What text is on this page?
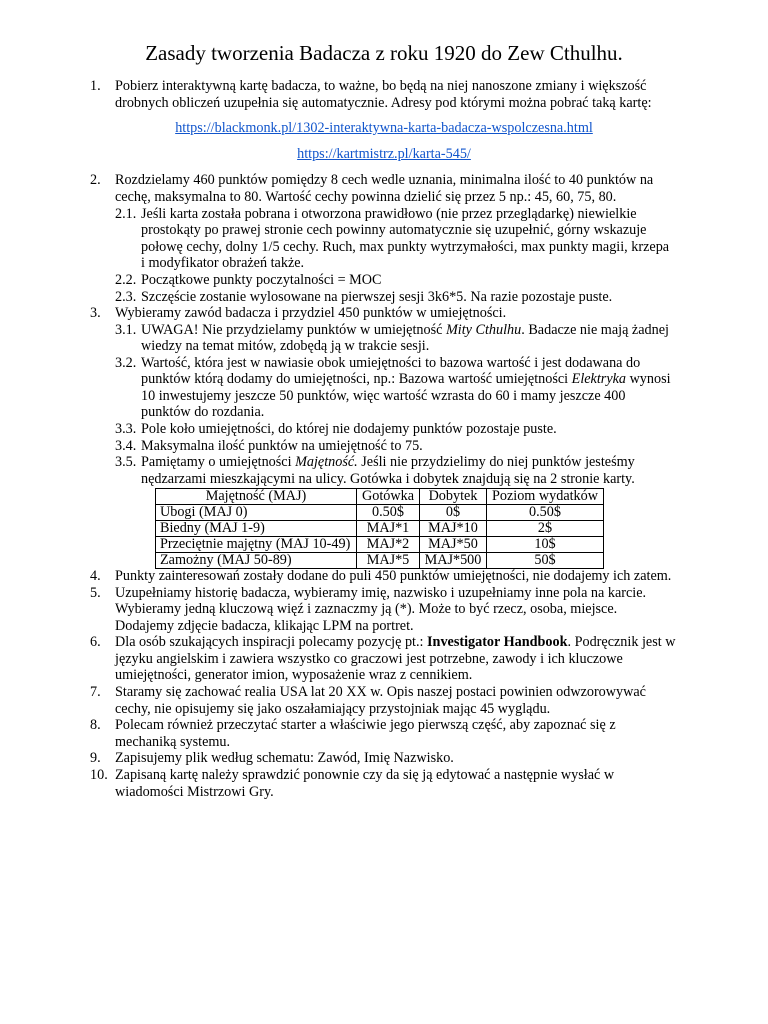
Zasady tworzenia Badacza z roku 1920 do Zew Cthulhu.
1. Pobierz interaktywną kartę badacza, to ważne, bo będą na niej nanoszone zmiany i większość
drobnych obliczeń uzupełnia się automatycznie. Adresy pod którymi można pobrać taką kartę:
https://blackmonk.pl/1302-interaktywna-karta-badacza-wspolczesna.html
https://kartmistrz.pl/karta-545/
2. Rozdzielamy 460 punktów pomiędzy 8 cech wedle uznania, minimalna ilość to 40 punktów na
cechę, maksymalna to 80. Wartość cechy powinna dzielić się przez 5 np.: 45, 60, 75, 80.
2.1. Jeśli karta została pobrana i otworzona prawidłowo (nie przez przeglądarkę) niewielkie
prostokąty po prawej stronie cech powinny automatycznie się uzupełnić, górny wskazuje
połowę cechy, dolny 1/5 cechy. Ruch, max punkty wytrzymałości, max punkty magii, krzepa
i modyfikator obrażeń także.
2.2. Początkowe punkty poczytalności = MOC
2.3. Szczęście zostanie wylosowane na pierwszej sesji 3k6*5. Na razie pozostaje puste.
3. Wybieramy zawód badacza i przydziel 450 punktów w umiejętności.
3.1. UWAGA! Nie przydzielamy punktów w umiejętność Mity Cthulhu. Badacze nie mają żadnej
wiedzy na temat mitów, zdobędą ją w trakcie sesji.
3.2. Wartość, która jest w nawiasie obok umiejętności to bazowa wartość i jest dodawana do
punktów którą dodamy do umiejętności, np.: Bazowa wartość umiejętności Elektryka wynosi
10 inwestujemy jeszcze 50 punktów, więc wartość wzrasta do 60 i mamy jeszcze 400
punktów do rozdania.
3.3. Pole koło umiejętności, do której nie dodajemy punktów pozostaje puste.
3.4. Maksymalna ilość punktów na umiejętność to 75.
3.5. Pamiętamy o umiejętności Majętność. Jeśli nie przydzielimy do niej punktów jesteśmy
nędzarzami mieszkającymi na ulicy. Gotówka i dobytek znajdują się na 2 stronie karty.
Majętność (MAJ)	Gotówka	Dobytek	Poziom wydatków
Ubogi (MAJ 0)	0.50$	0$	0.50$
Biedny (MAJ 1-9)	MAJ*1	MAJ*10	2$
Przeciętnie majętny (MAJ 10-49)	MAJ*2	MAJ*50	10$
Zamożny (MAJ 50-89)	MAJ*5	MAJ*500	50$
4. Punkty zainteresowań zostały dodane do puli 450 punktów umiejętności, nie dodajemy ich zatem.
5. Uzupełniamy historię badacza, wybieramy imię, nazwisko i uzupełniamy inne pola na karcie.
Wybieramy jedną kluczową więź i zaznaczmy ją (*). Może to być rzecz, osoba, miejsce.
Dodajemy zdjęcie badacza, klikając LPM na portret.
6. Dla osób szukających inspiracji polecamy pozycję pt.: Investigator Handbook. Podręcznik jest w
języku angielskim i zawiera wszystko co graczowi jest potrzebne, zawody i ich kluczowe
umiejętności, generator imion, wyposażenie wraz z cennikiem.
7. Staramy się zachować realia USA lat 20 XX w. Opis naszej postaci powinien odwzorowywać
cechy, nie opisujemy się jako oszałamiający przystojniak mając 45 wyglądu.
8. Polecam również przeczytać starter a właściwie jego pierwszą część, aby zapoznać się z
mechaniką systemu.
9. Zapisujemy plik według schematu: Zawód, Imię Nazwisko.
10. Zapisaną kartę należy sprawdzić ponownie czy da się ją edytować a następnie wysłać w
wiadomości Mistrzowi Gry.
